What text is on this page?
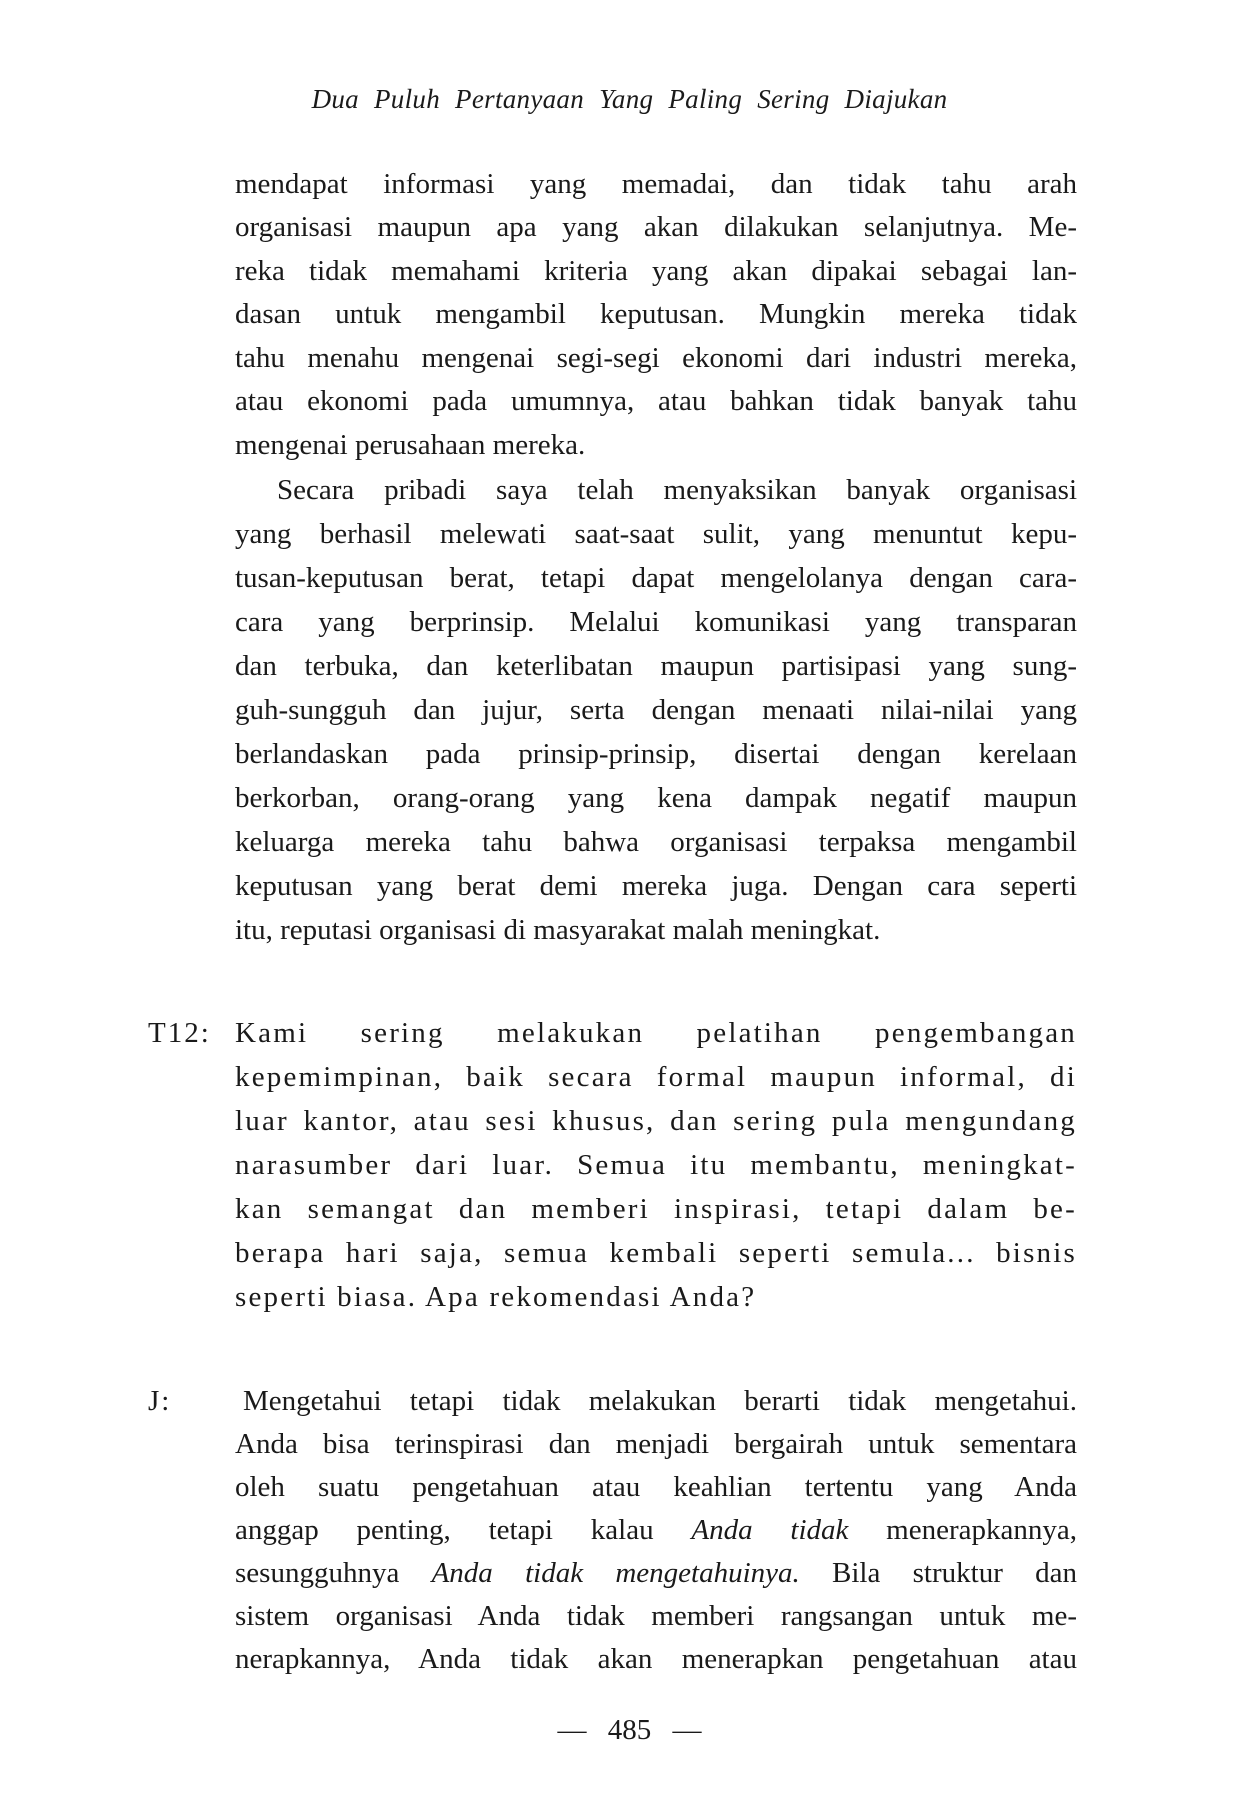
Dua Puluh Pertanyaan Yang Paling Sering Diajukan
mendapat informasi yang memadai, dan tidak tahu arah
organisasi maupun apa yang akan dilakukan selanjutnya. Me-
reka tidak memahami kriteria yang akan dipakai sebagai lan-
dasan untuk mengambil keputusan. Mungkin mereka tidak
tahu menahu mengenai segi-segi ekonomi dari industri mereka,
atau ekonomi pada umumnya, atau bahkan tidak banyak tahu
mengenai perusahaan mereka.
Secara pribadi saya telah menyaksikan banyak organisasi
yang berhasil melewati saat-saat sulit, yang menuntut kepu-
tusan-keputusan berat, tetapi dapat mengelolanya dengan cara-
cara yang berprinsip. Melalui komunikasi yang transparan
dan terbuka, dan keterlibatan maupun partisipasi yang sung-
guh-sungguh dan jujur, serta dengan menaati nilai-nilai yang
berlandaskan pada prinsip-prinsip, disertai dengan kerelaan
berkorban, orang-orang yang kena dampak negatif maupun
keluarga mereka tahu bahwa organisasi terpaksa mengambil
keputusan yang berat demi mereka juga. Dengan cara seperti
itu, reputasi organisasi di masyarakat malah meningkat.
T12: Kami sering melakukan pelatihan pengembangan
kepemimpinan, baik secara formal maupun informal, di
luar kantor, atau sesi khusus, dan sering pula mengundang
narasumber dari luar. Semua itu membantu, meningkat-
kan semangat dan memberi inspirasi, tetapi dalam be-
berapa hari saja, semua kembali seperti semula... bisnis
seperti biasa. Apa rekomendasi Anda?
J: Mengetahui tetapi tidak melakukan berarti tidak mengetahui.
Anda bisa terinspirasi dan menjadi bergairah untuk sementara
oleh suatu pengetahuan atau keahlian tertentu yang Anda
anggap penting, tetapi kalau Anda tidak menerapkannya,
sesungguhnya Anda tidak mengetahuinya. Bila struktur dan
sistem organisasi Anda tidak memberi rangsangan untuk me-
nerapkannya, Anda tidak akan menerapkan pengetahuan atau
— 485 —
